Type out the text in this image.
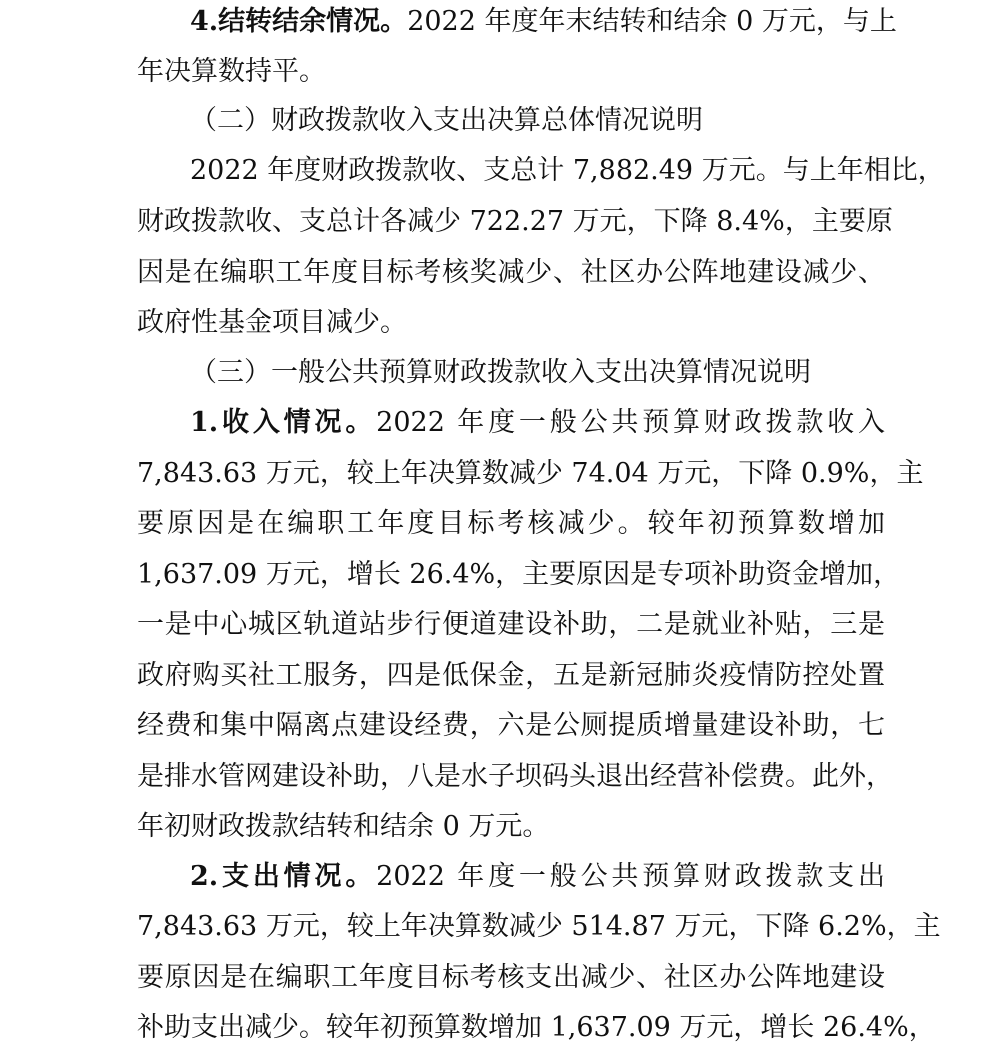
4.结转结余情况。2022 年度年末结转和结余 0 万元，与上
年决算数持平。
（二）财政拨款收入支出决算总体情况说明
2022 年度财政拨款收、支总计 7,882.49 万元。与上年相比，
财政拨款收、支总计各减少 722.27 万元，下降 8.4%，主要原
因是在编职工年度目标考核奖减少、社区办公阵地建设减少、
政府性基金项目减少。
（三）一般公共预算财政拨款收入支出决算情况说明
1.收入情况。2022 年度一般公共预算财政拨款收入
7,843.63 万元，较上年决算数减少 74.04 万元，下降 0.9%，主
要原因是在编职工年度目标考核减少。较年初预算数增加
1,637.09 万元，增长 26.4%，主要原因是专项补助资金增加，
一是中心城区轨道站步行便道建设补助，二是就业补贴，三是
政府购买社工服务，四是低保金，五是新冠肺炎疫情防控处置
经费和集中隔离点建设经费，六是公厕提质增量建设补助，七
是排水管网建设补助，八是水子坝码头退出经营补偿费。此外，
年初财政拨款结转和结余 0 万元。
2.支出情况。2022 年度一般公共预算财政拨款支出
7,843.63 万元，较上年决算数减少 514.87 万元，下降 6.2%，主
要原因是在编职工年度目标考核支出减少、社区办公阵地建设
补助支出减少。较年初预算数增加 1,637.09 万元，增长 26.4%，
